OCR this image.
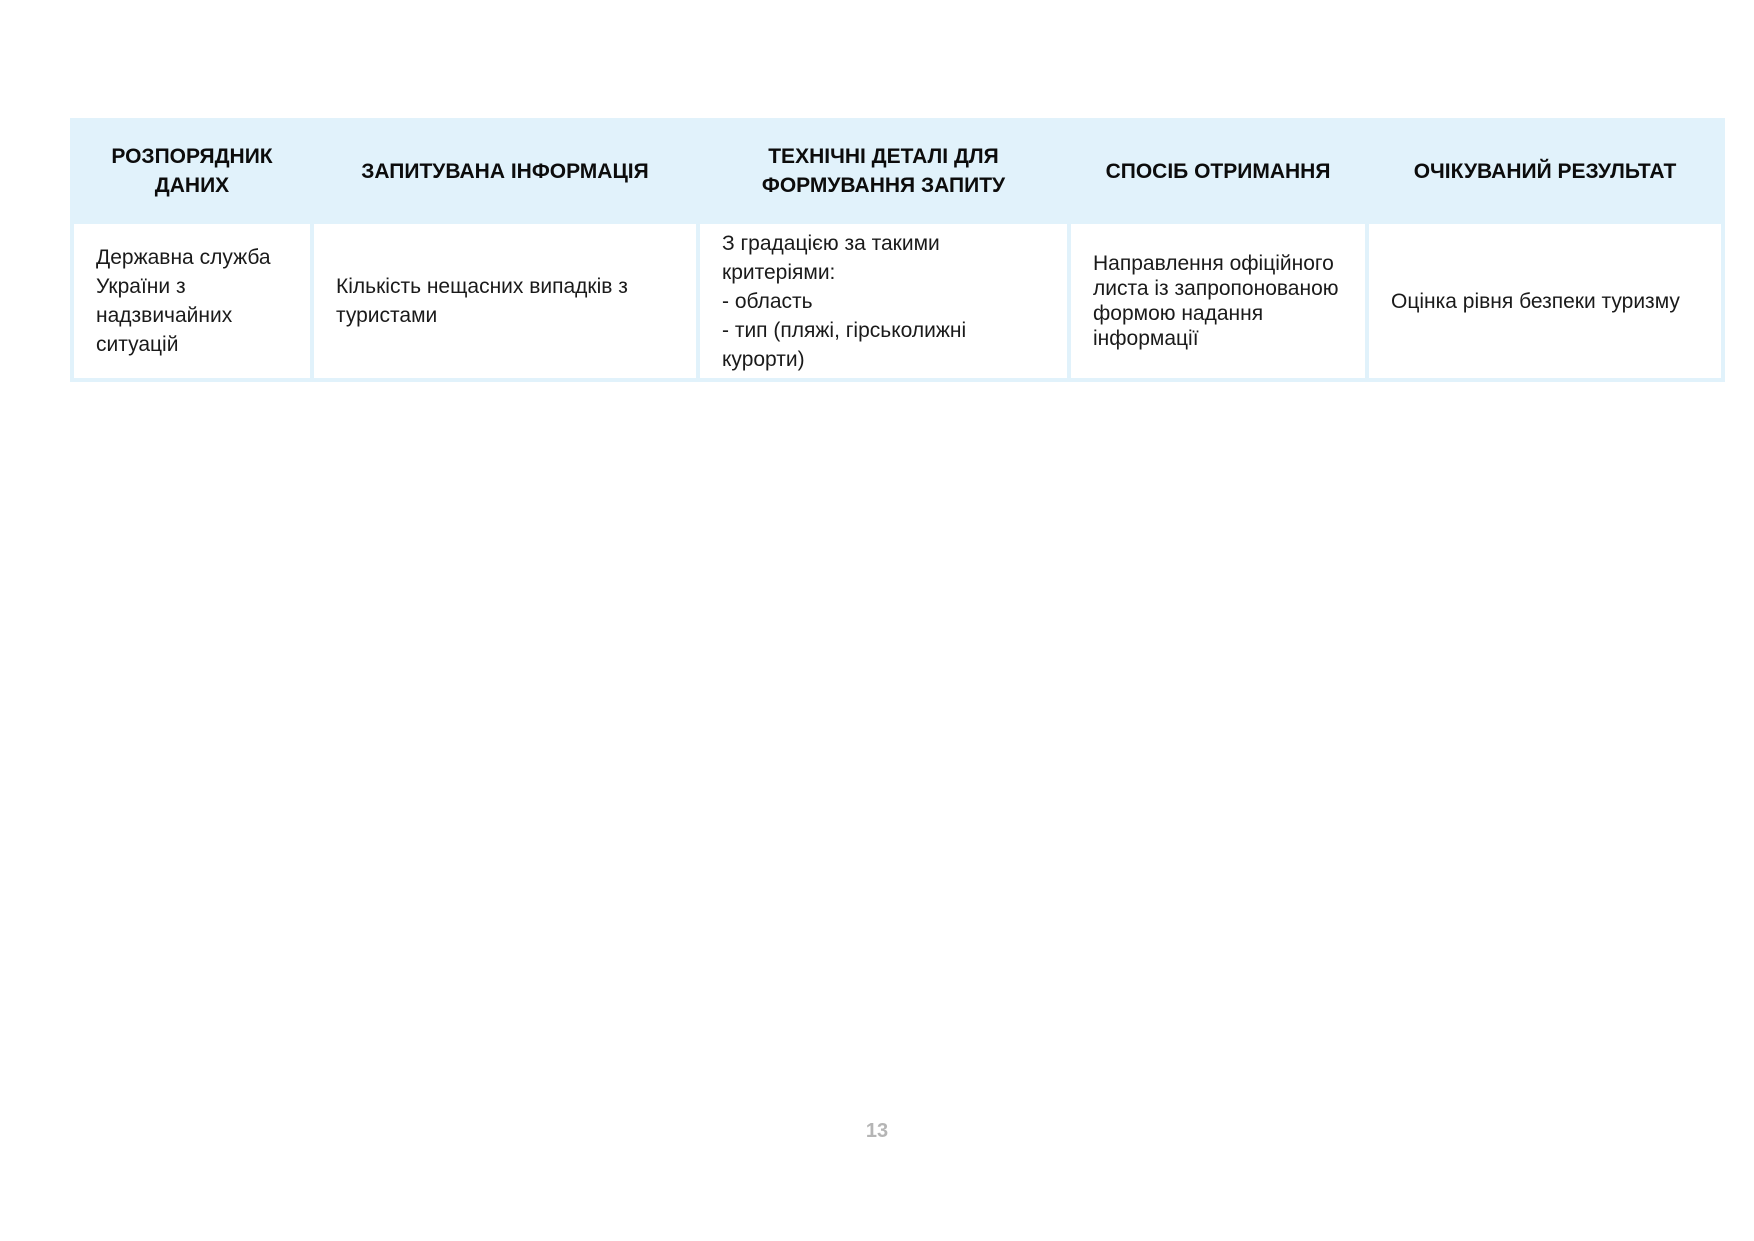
РОЗПОРЯДНИК ДАНИХ	ЗАПИТУВАНА ІНФОРМАЦІЯ	ТЕХНІЧНІ ДЕТАЛІ ДЛЯ ФОРМУВАННЯ ЗАПИТУ	СПОСІБ ОТРИМАННЯ	ОЧІКУВАНИЙ РЕЗУЛЬТАТ
Державна служба України з надзвичайних ситуацій	Кількість нещасних випадків з туристами	З градацією за такими критеріями:
- область
- тип (пляжі, гірськолижні курорти)	Направлення офіційного листа із запропонованою формою надання інформації	Оцінка рівня безпеки туризму
13
